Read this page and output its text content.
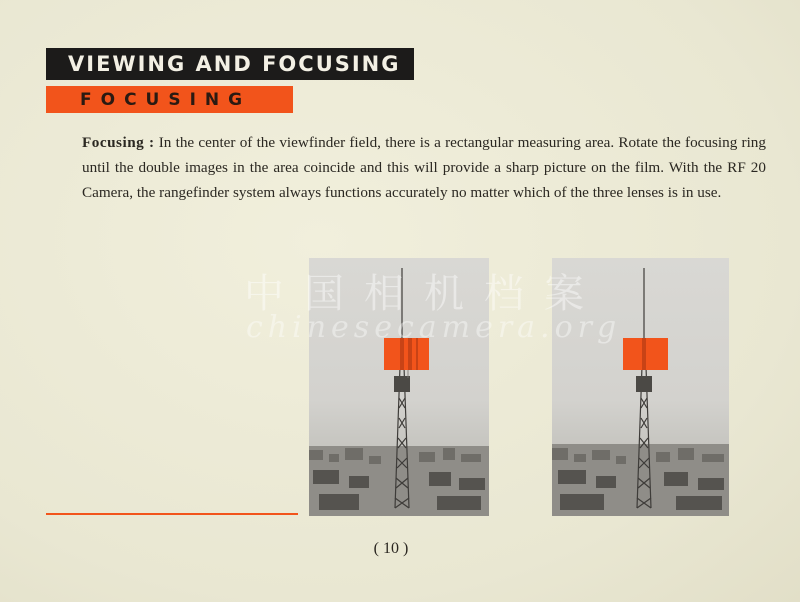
VIEWING AND FOCUSING
FOCUSING

Focusing : In the center of the viewfinder field, there is a rectangular measuring area. Rotate the focusing ring until the double images in the area coincide and this will provide a sharp picture on the film. With the RF 20 Camera, the rangefinder system always functions accurately no matter which of the three lenses is in use.

中国相机档案
chinesecamera.org
( 10 )
